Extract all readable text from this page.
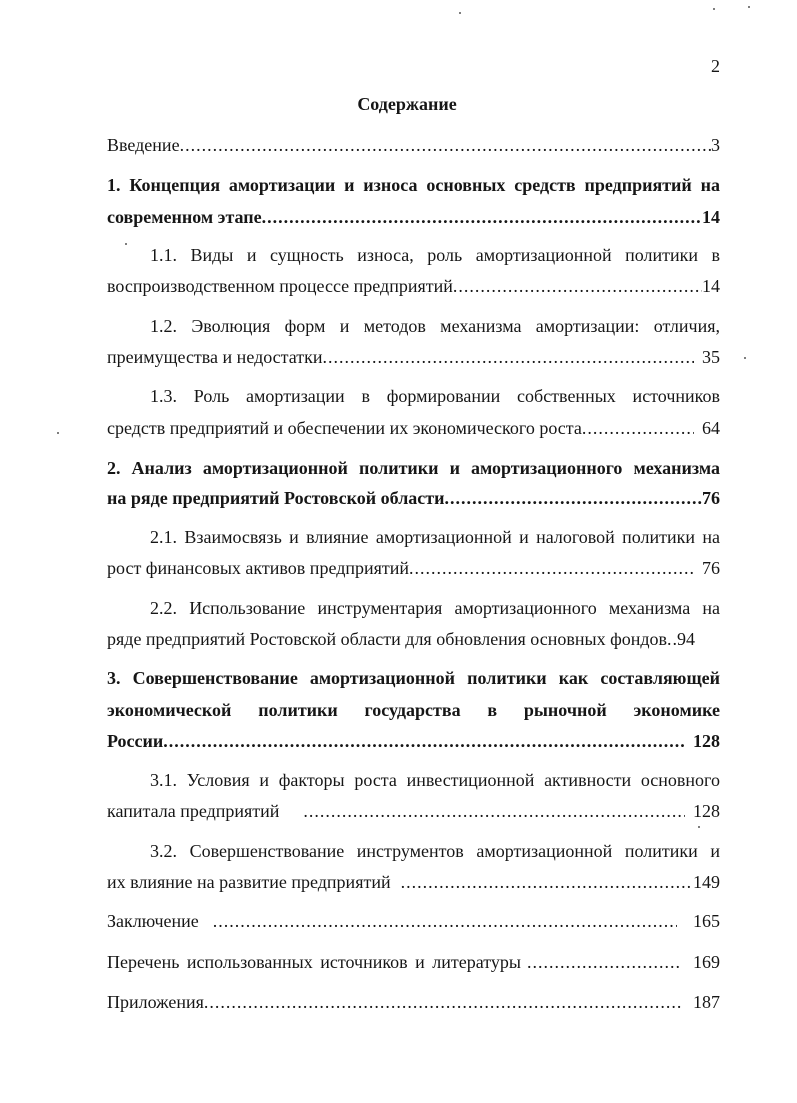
2
Содержание
Введение .....	3
1. Концепция амортизации и износа основных средств предприятий на
современном этапе .....	14
1.1. Виды и сущность износа, роль амортизационной политики в
воспроизводственном процессе предприятий .....	14
1.2. Эволюция форм и методов механизма амортизации: отличия,
преимущества и недостатки .....	35
1.3. Роль амортизации в формировании собственных источников
средств предприятий и обеспечении их экономического роста .....	64
2. Анализ амортизационной политики и амортизационного механизма
на ряде предприятий Ростовской области .....	76
2.1. Взаимосвязь и влияние амортизационной и налоговой политики на
рост финансовых активов предприятий .....	76
2.2. Использование инструментария амортизационного механизма на
ряде предприятий Ростовской области для обновления основных фондов ..... 94
3. Совершенствование амортизационной политики как составляющей
экономической политики государства в рыночной экономике
России .....	128
3.1. Условия и факторы роста инвестиционной активности основного
капитала предприятий .....	128
3.2. Совершенствование инструментов амортизационной политики и
их влияние на развитие предприятий .....	149
Заключение .....	165
Перечень использованных источников и литературы .....	169
Приложения .....	187
